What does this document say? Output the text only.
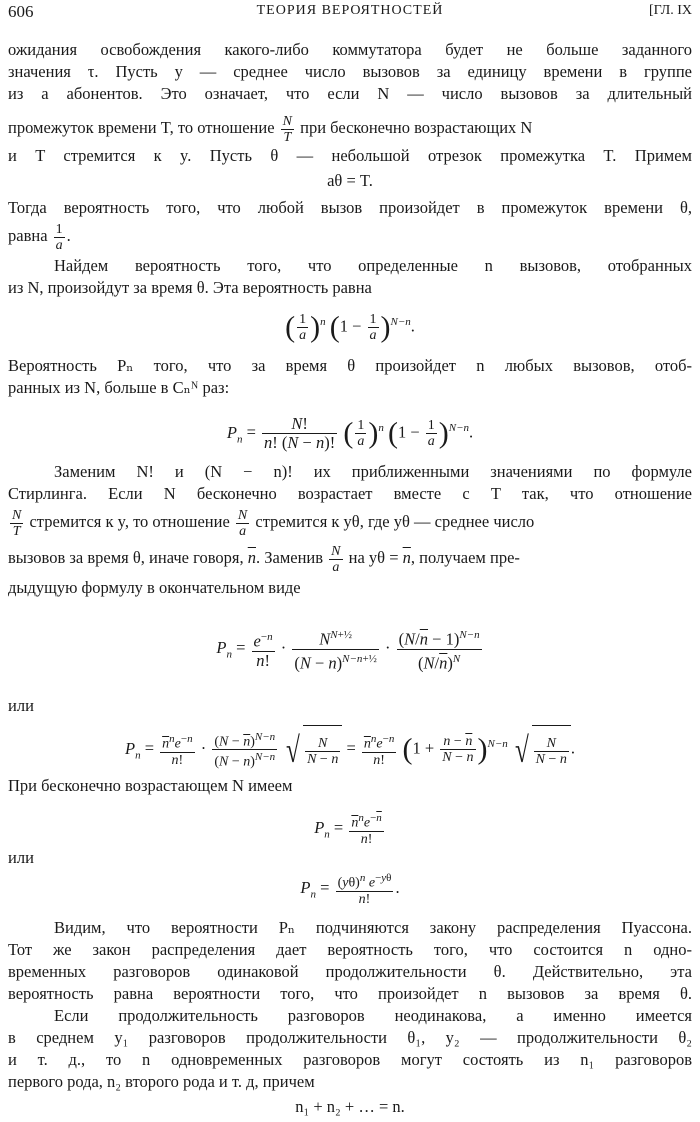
606	ТЕОРИЯ ВЕРОЯТНОСТЕЙ	[ГЛ. IX
ожидания освобождения какого-либо коммутатора будет не больше заданного
значения τ. Пусть y — среднее число вызовов за единицу времени в группе
из a абонентов. Это означает, что если N — число вызовов за длительный
промежуток времени T, то отношение $\frac{N}{T}$ при бесконечно возрастающих N
и T стремится к y. Пусть θ — небольшой отрезок промежутка T. Примем
aθ = T.
Тогда вероятность того, что любой вызов произойдет в промежуток времени θ,
равна $\frac{1}{a}$ .
Найдем вероятность того, что определенные n вызовов, отобранных
из N, произойдут за время θ. Эта вероятность равна
( $\frac{1}{a} )^n$ $(1 - \frac{1}{a} )^{N-n}$.
Вероятность Pₙ того, что за время θ произойдет n любых вызовов, отоб-
ранных из N, больше в Cₙᴺ раз:
$P_n = \frac{N!}{n! (N - n)!}$ ( $\frac{1}{a} )^n$ $(1 - \frac{1}{a} )^{N-n}$.
Заменим N! и (N − n)! их приближенными значениями по формуле
Стирлинга. Если N бесконечно возрастает вместе с T так, что отношение
$\frac{N}{T}$ стремится к y, то отношение $\frac{N}{a}$ стремится к yθ, где yθ — среднее число
вызовов за время θ, иначе говоря, $\overline{n}$. Заменив $\frac{N}{a}$ на $y\theta = \overline{n}$, получаем пре-
дыдущую формулу в окончательном виде
$P_n = \frac{e^{-n}}{n!} \cdot \frac{N^{N+\frac{1}{2}}}{(N - n)^{N-n+\frac{1}{2}}} \cdot \frac{(N/\overline{n} - 1)^{N-n}}{(N/\overline{n})^N}$
или
$P_n = \frac{\overline{n}^ne^{-n}}{n!} \cdot \frac{(N - \overline{n})^{N-n}}{(N - n)^{N-n}}$ √ $\frac{N}{N - n} = \frac{\overline{n}^ne^{-n}}{n!} (1 + \frac{n - \overline{n}}{N - n} )^{N-n}$ √ $\frac{N}{N - n}$ .
При бесконечно возрастающем N имеем
$P_n = \frac{\overline{n}^ne^{-\overline{n}}}{n!}$
или
$P_n = \frac{(y\theta)^n e^{-y\theta}}{n!}$ .
Видим, что вероятности Pₙ подчиняются закону распределения Пуассона.
Тот же закон распределения дает вероятность того, что состоится n одно-
временных разговоров одинаковой продолжительности θ. Действительно, эта
вероятность равна вероятности того, что произойдет n вызовов за время θ.
Если продолжительность разговоров неодинакова, а именно имеется
в среднем y₁ разговоров продолжительности θ₁, y₂ — продолжительности θ₂
и т. д., то n одновременных разговоров могут состоять из n₁ разговоров
первого рода, n₂ второго рода и т. д, причем
n₁ + n₂ + … = n.
